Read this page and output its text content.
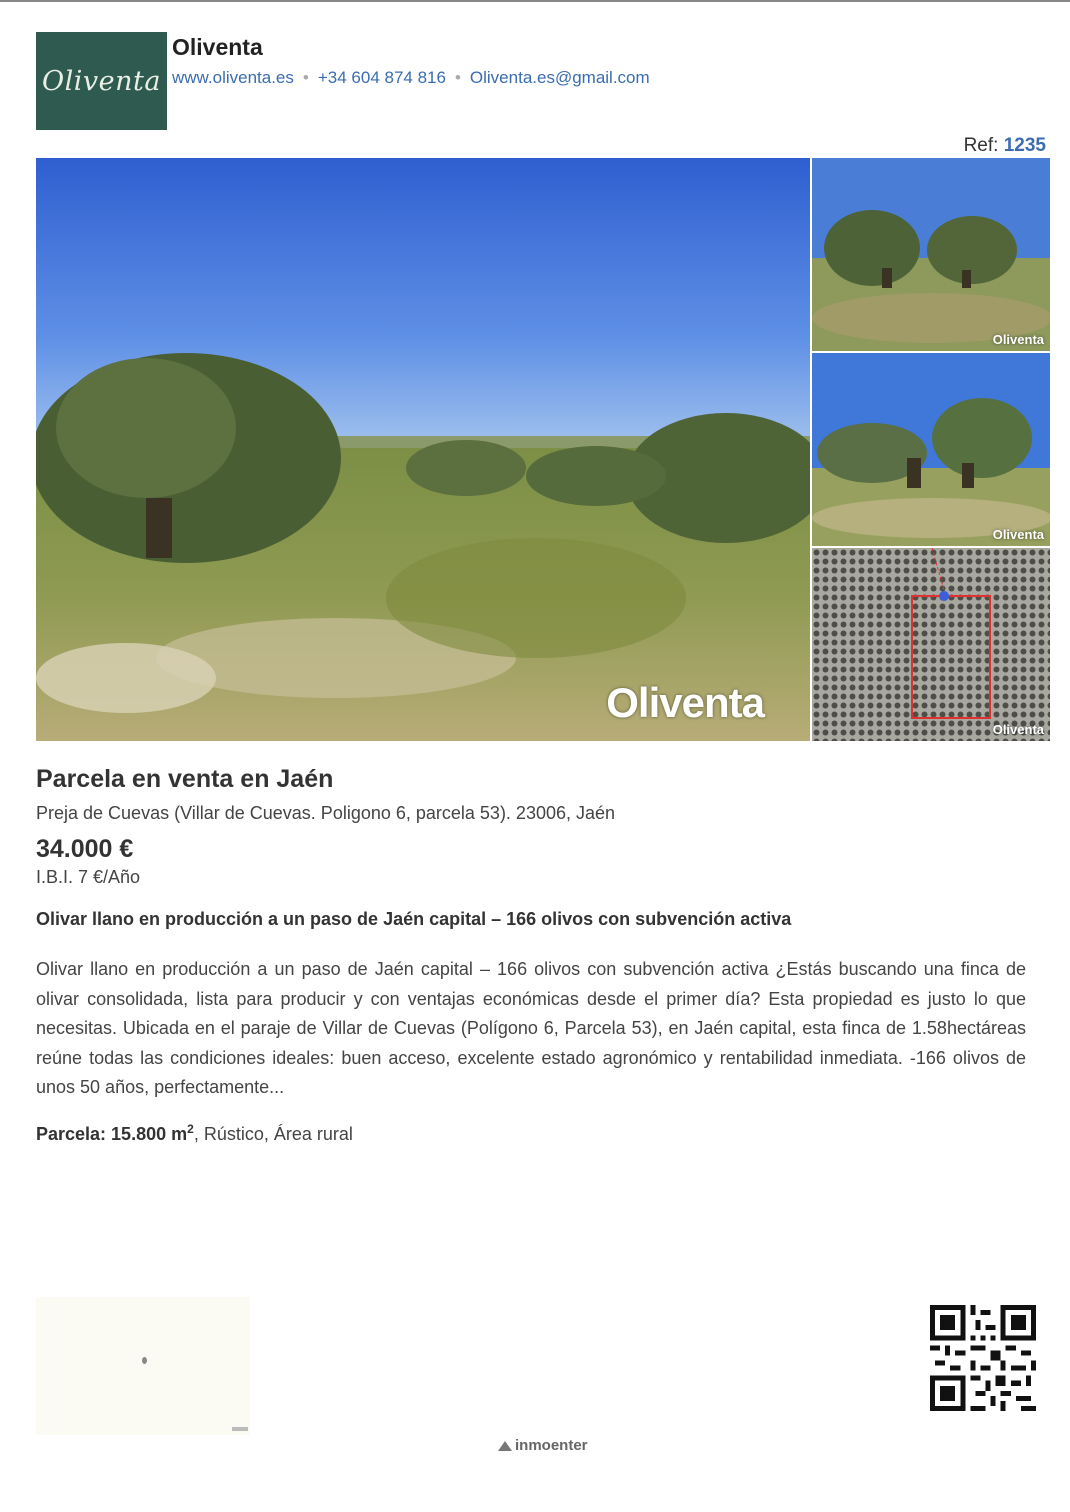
Oliventa
Oliventa
www.oliventa.es • +34 604 874 816 • Oliventa.es@gmail.com
Ref: 1235
Oliventa
Oliventa
Oliventa
Oliventa
Parcela en venta en Jaén
Preja de Cuevas (Villar de Cuevas. Poligono 6, parcela 53). 23006, Jaén
34.000 €
I.B.I. 7 €/Año
Olivar llano en producción a un paso de Jaén capital – 166 olivos con subvención activa
Olivar llano en producción a un paso de Jaén capital – 166 olivos con subvención activa ¿Estás buscando una finca de olivar consolidada, lista para producir y con ventajas económicas desde el primer día? Esta propiedad es justo lo que necesitas. Ubicada en el paraje de Villar de Cuevas (Polígono 6, Parcela 53), en Jaén capital, esta finca de 1.58hectáreas reúne todas las condiciones ideales: buen acceso, excelente estado agronómico y rentabilidad inmediata. -166 olivos de unos 50 años, perfectamente...
Parcela: 15.800 $m^2$, Rústico, Área rural
inmoenter
